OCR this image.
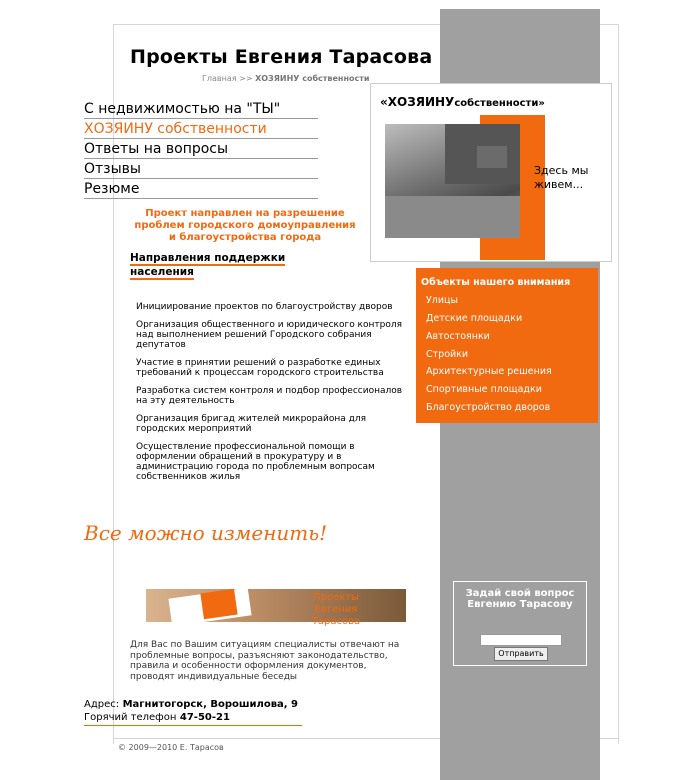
Проекты Евгения Тарасова
Главная >> ХОЗЯИНУ собственности
С недвижимостью на "ТЫ"
ХОЗЯИНУ собственности
Ответы на вопросы
Отзывы
Резюме
«ХОЗЯИНУсобственности»
Здесь мы живем...
Проект направлен на разрешение проблем городского домоуправления и благоустройства города
Направления поддержки населения

Инициирование проектов по благоустройству дворов

Организация общественного и юридического контроля над выполнением решений Городского собрания депутатов

Участие в принятии решений о разработке единых требований к процессам городского строительства

Разработка систем контроля и подбор профессионалов на эту деятельность

Организация бригад жителей микрорайона для городских мероприятий

Осуществление профессиональной помощи в оформлении обращений в прокуратуру и в администрацию города по проблемным вопросам собственников жилья

Объекты нашего внимания
Улицы
Детские площадки
Автостоянки
Стройки
Архитектурные решения
Спортивные площадки
Благоустройство дворов
Все можно изменить!
Проекты
Евгения Тарасова
Для Вас по Вашим ситуациям специалисты отвечают на проблемные вопросы, разъясняют законодательство, правила и особенности оформления документов, проводят индивидуальные беседы
Адрес: Магнитогорск, Ворошилова, 9
Горячий телефон 47-50-21
© 2009—2010 Е. Тарасов
Задай свой вопрос Евгению Тарасову
Отправить
